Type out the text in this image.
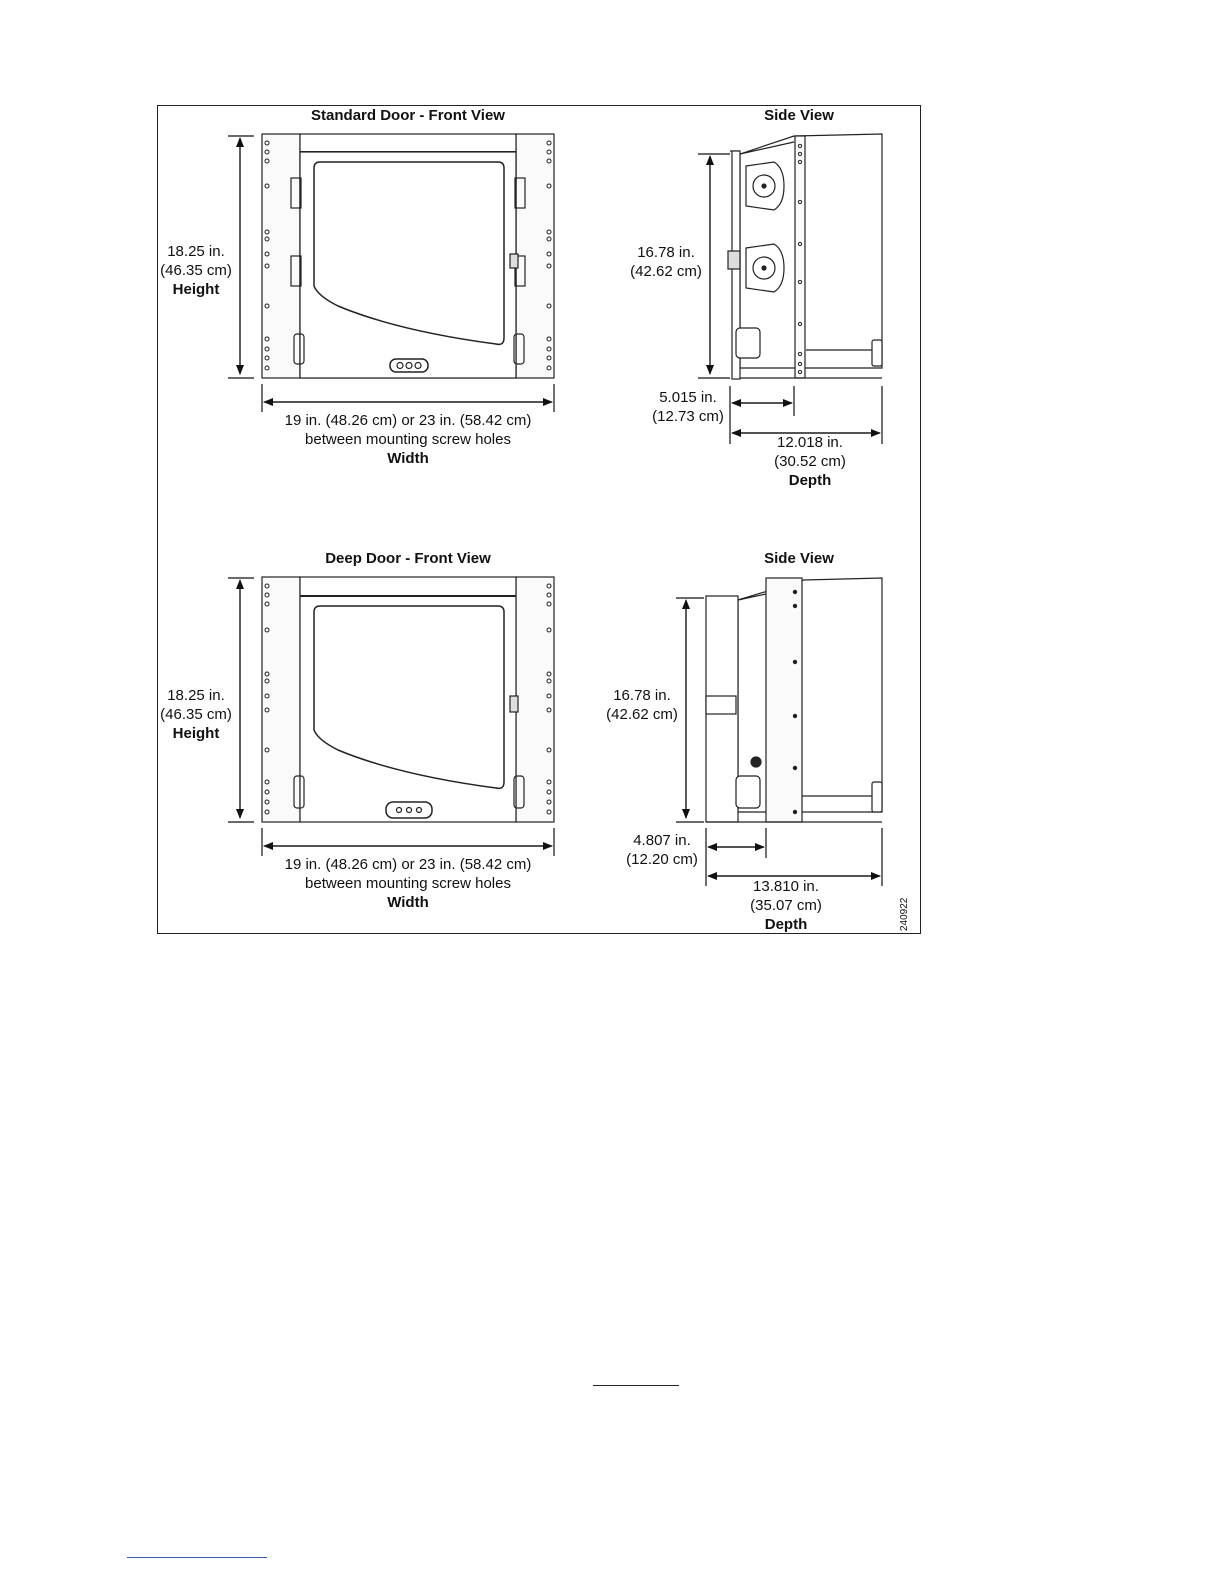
Standard Door - Front View	Side View
18.25 in.
(46.35 cm)
Height
19 in. (48.26 cm) or 23 in. (58.42 cm)
between mounting screw holes
Width
16.78 in.
(42.62 cm)
5.015 in.
(12.73 cm)
12.018 in.
(30.52 cm)
Depth
Deep Door - Front View	Side View
18.25 in.
(46.35 cm)
Height
19 in. (48.26 cm) or 23 in. (58.42 cm)
between mounting screw holes
Width
16.78 in.
(42.62 cm)
4.807 in.
(12.20 cm)
13.810 in.
(35.07 cm)
Depth	240922
